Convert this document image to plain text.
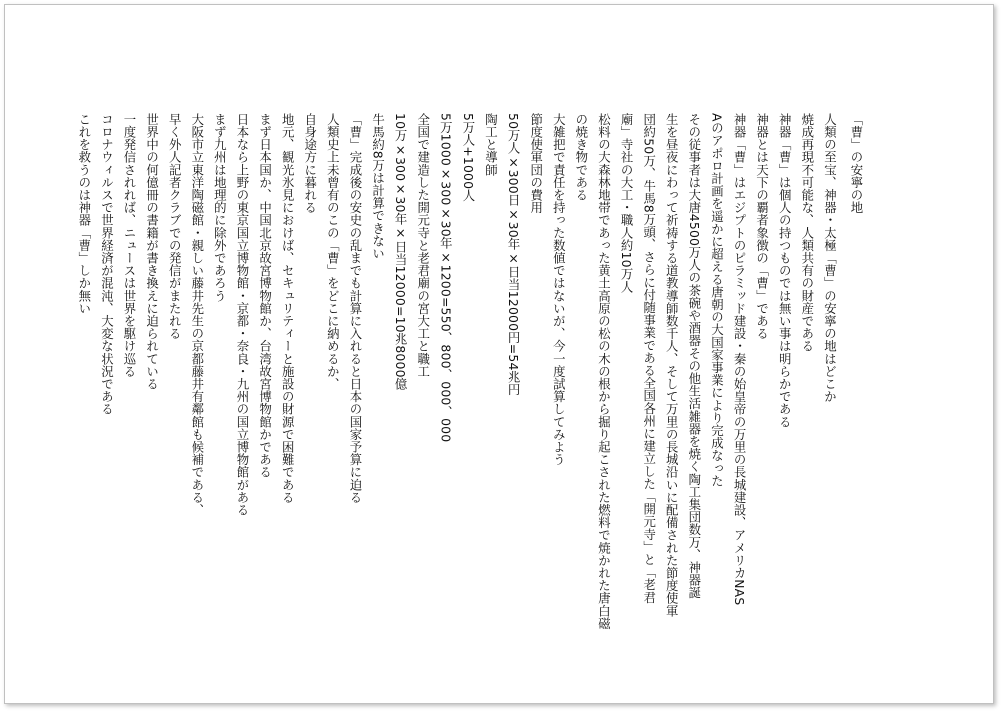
「曹」の安寧の地
人類の至宝、神器・太極「曹」の安寧の地はどこか
焼成再現不可能な、人類共有の財産である
神器「曹」は個人の持つものでは無い事は明らかである
神器とは天下の覇者象徴の「曹」である
神器「曹」はエジプトのピラミッド建設・秦の始皇帝の万里の長城建設、アメリカNAS
Aのアポロ計画を遥かに超える唐朝の大国家事業により完成なった
その従事者は大唐4500万人の茶碗や酒器その他生活雑器を焼く陶工集団数万、神器誕
生を昼夜にわって祈祷する道教導師数千人、そして万里の長城沿いに配備された節度使軍
団約50万、牛馬8万頭、さらに付随事業である全国各州に建立した「開元寺」と「老君
廟」寺社の大工・職人約10万人
松料の大森林地帯であった黄土高原の松の木の根から掘り起こされた燃料で焼かれた唐白磁
の焼き物である
大雑把で責任を持った数値ではないが、今一度試算してみよう
節度使軍団の費用
50万人×300日×30年×日当12000円=54兆円
陶工と導師
5万人+1000人
5万1000×300×30年×1200=550、800、000、000
全国で建造した開元寺と老君廟の宮大工と職工
10万×300×30年×日当12000=10兆8000億
牛馬約8万は計算できない
「曹」完成後の安史の乱までも計算に入れると日本の国家予算に迫る
人類史上未曾有のこの「曹」をどこに納めるか、
自身途方に暮れる
地元、観光氷見におけば、セキュリティーと施設の財源で困難である
まず日本国か、中国北京故宮博物館か、台湾故宮博物館かである
日本なら上野の東京国立博物館・京都・奈良・九州の国立博物館がある
まず九州は地理的に除外であろう
大阪市立東洋陶磁館・親しい藤井先生の京都藤井有鄰館も候補である、
早く外人記者クラブでの発信がまたれる
世界中の何億冊の書籍が書き換えに迫られている
一度発信されれば、ニュースは世界を駆け巡る
コロナウィルスで世界経済が混沌、大変な状況である
これを救うのは神器「曹」しか無い
